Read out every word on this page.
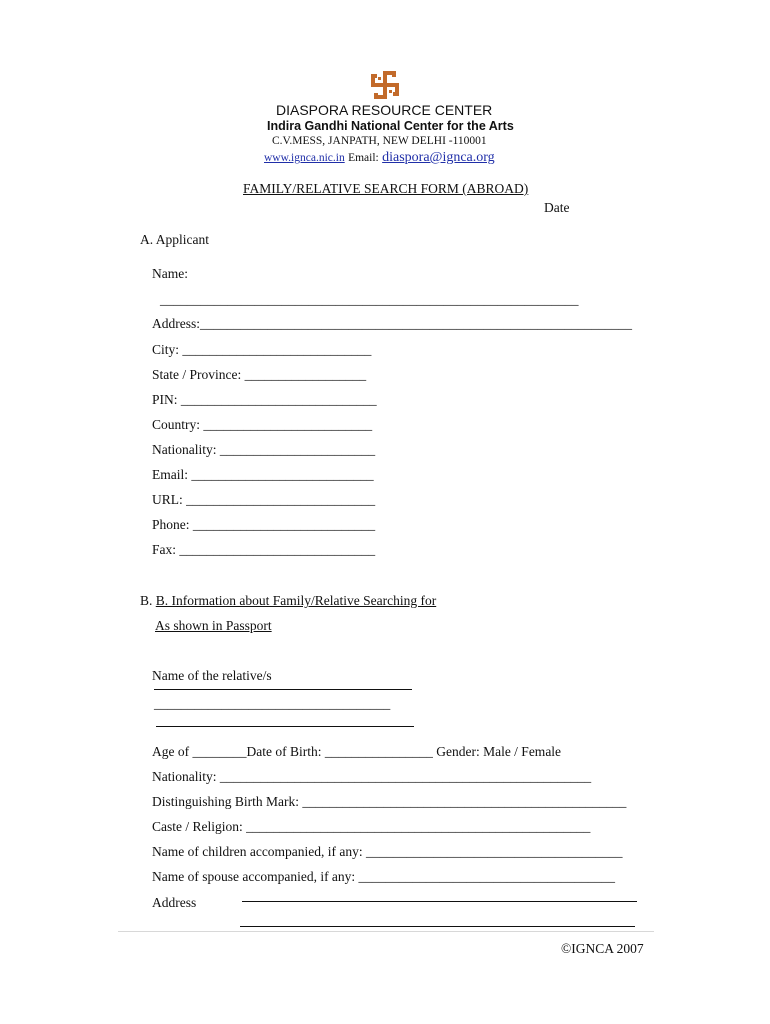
DIASPORA RESOURCE CENTER
Indira Gandhi National Center for the Arts
C.V.MESS, JANPATH, NEW DELHI -110001
www.ignca.nic.in Email: diaspora@ignca.org
FAMILY/RELATIVE SEARCH FORM (ABROAD)
Date
A. Applicant
Name:
______________________________________________________________
Address:________________________________________________________________
City: ____________________________
State / Province: __________________
PIN: _____________________________
Country: _________________________
Nationality: _______________________
Email: ___________________________
URL: ____________________________
Phone: ___________________________
Fax: _____________________________
B. B. Information about Family/Relative Searching for
As shown in Passport
Name of the relative/s
___________________________________
Age of ________Date of Birth: ________________ Gender: Male / Female
Nationality: _______________________________________________________
Distinguishing Birth Mark: ________________________________________________
Caste / Religion: ___________________________________________________
Name of children accompanied, if any: ______________________________________
Name of spouse accompanied, if any: ______________________________________
Address
©IGNCA 2007
